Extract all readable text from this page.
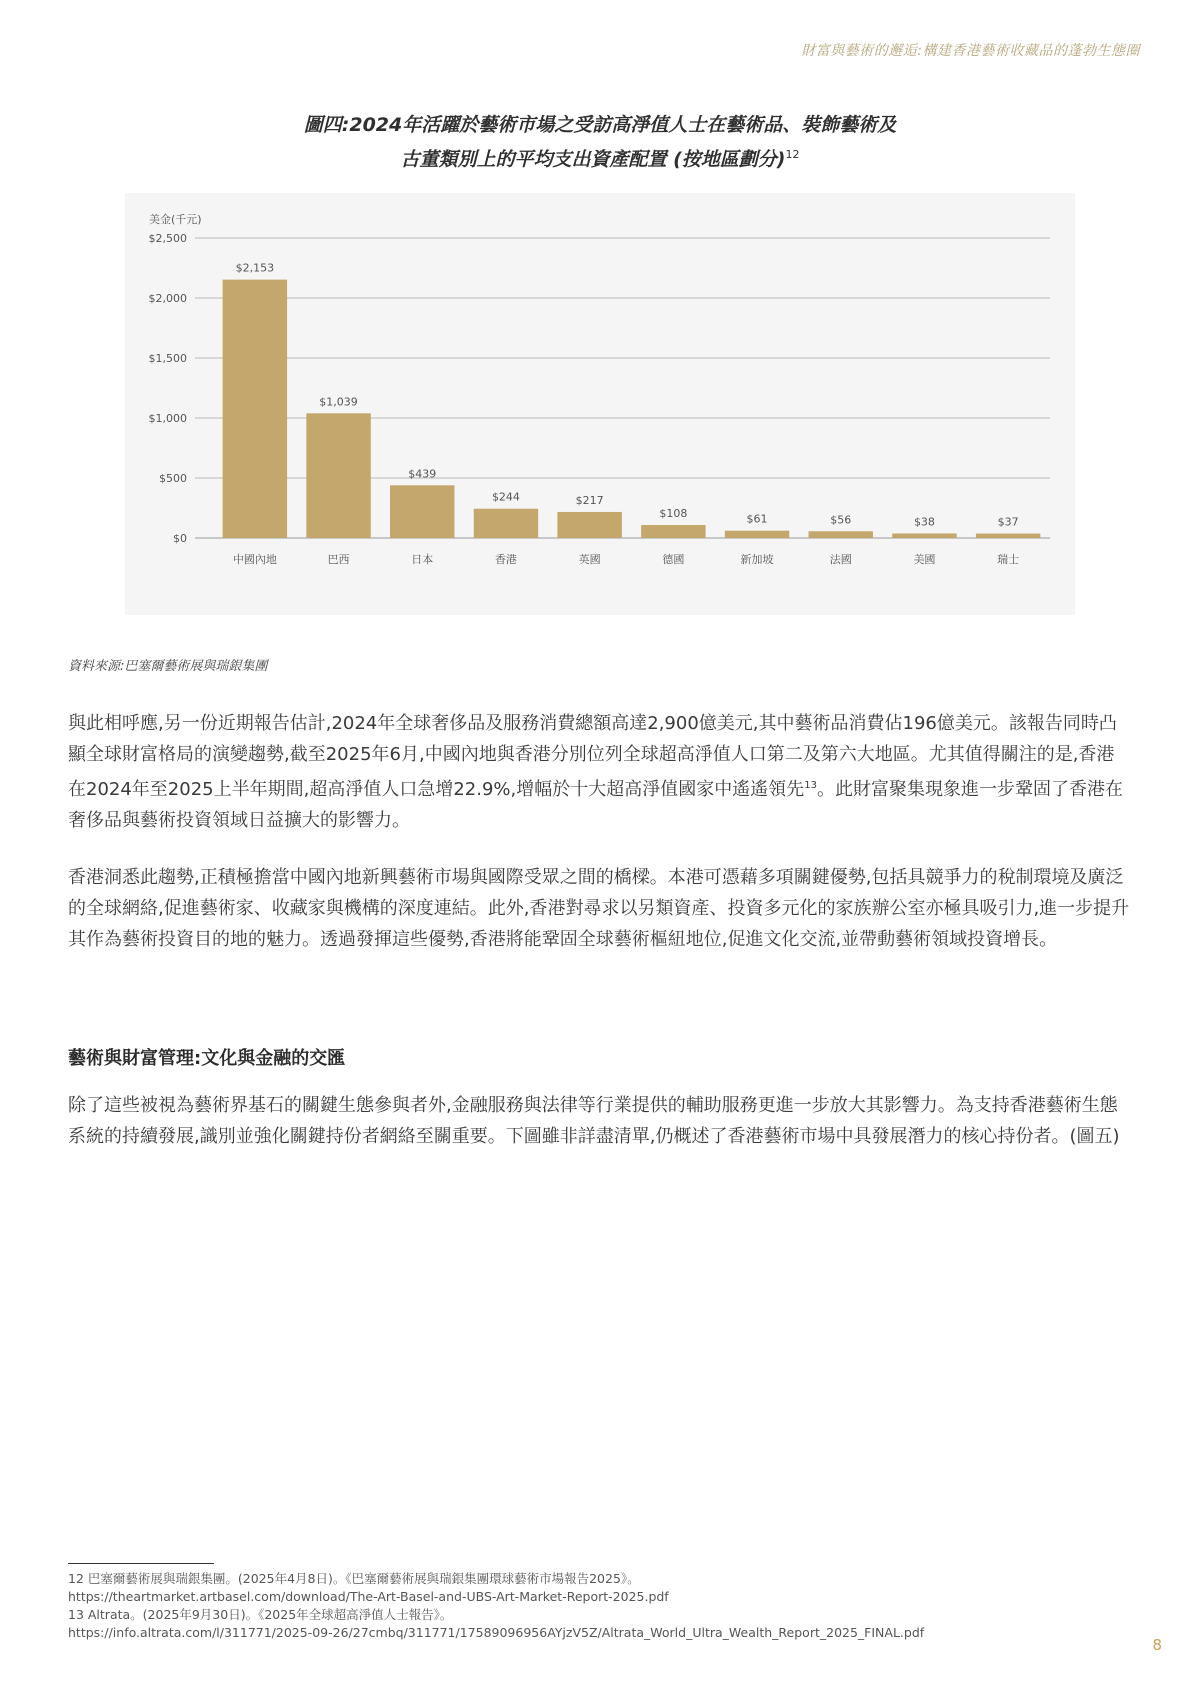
財富與藝術的邂逅:構建香港藝術收藏品的蓬勃生態圈
圖四:2024年活躍於藝術市場之受訪高淨值人士在藝術品、裝飾藝術及
古董類別上的平均支出資產配置 (按地區劃分)$^{12}$
美金(千元)
$0
$500
$1,000
$1,500
$2,000
$2,500
$2,153
中國內地
$1,039
巴西
$439
日本
$244
香港
$217
英國
$108
德國
$61
新加坡
$56
法國
$38
美國
$37
瑞士
資料來源:巴塞爾藝術展與瑞銀集團

與此相呼應,另一份近期報告估計,2024年全球奢侈品及服務消費總額高達2,900億美元,其中藝術品消費佔196億美元。該報告同時凸顯全球財富格局的演變趨勢,截至2025年6月,中國內地與香港分別位列全球超高淨值人口第二及第六大地區。尤其值得關注的是,香港在2024年至2025上半年期間,超高淨值人口急增22.9%,增幅於十大超高淨值國家中遙遙領先$^{13}$。此財富聚集現象進一步鞏固了香港在奢侈品與藝術投資領域日益擴大的影響力。

香港洞悉此趨勢,正積極擔當中國內地新興藝術市場與國際受眾之間的橋樑。本港可憑藉多項關鍵優勢,包括具競爭力的稅制環境及廣泛的全球網絡,促進藝術家、收藏家與機構的深度連結。此外,香港對尋求以另類資產、投資多元化的家族辦公室亦極具吸引力,進一步提升其作為藝術投資目的地的魅力。透過發揮這些優勢,香港將能鞏固全球藝術樞紐地位,促進文化交流,並帶動藝術領域投資增長。

藝術與財富管理:文化與金融的交匯

除了這些被視為藝術界基石的關鍵生態參與者外,金融服務與法律等行業提供的輔助服務更進一步放大其影響力。為支持香港藝術生態系統的持續發展,識別並強化關鍵持份者網絡至關重要。下圖雖非詳盡清單,仍概述了香港藝術市場中具發展潛力的核心持份者。(圖五)

12 巴塞爾藝術展與瑞銀集團。(2025年4月8日)。《巴塞爾藝術展與瑞銀集團環球藝術市場報告2025》。
https://theartmarket.artbasel.com/download/The-Art-Basel-and-UBS-Art-Market-Report-2025.pdf
13 Altrata。(2025年9月30日)。《2025年全球超高淨值人士報告》。
https://info.altrata.com/l/311771/2025-09-26/27cmbq/311771/17589096956AYjzV5Z/Altrata_World_Ultra_Wealth_Report_2025_FINAL.pdf
8
